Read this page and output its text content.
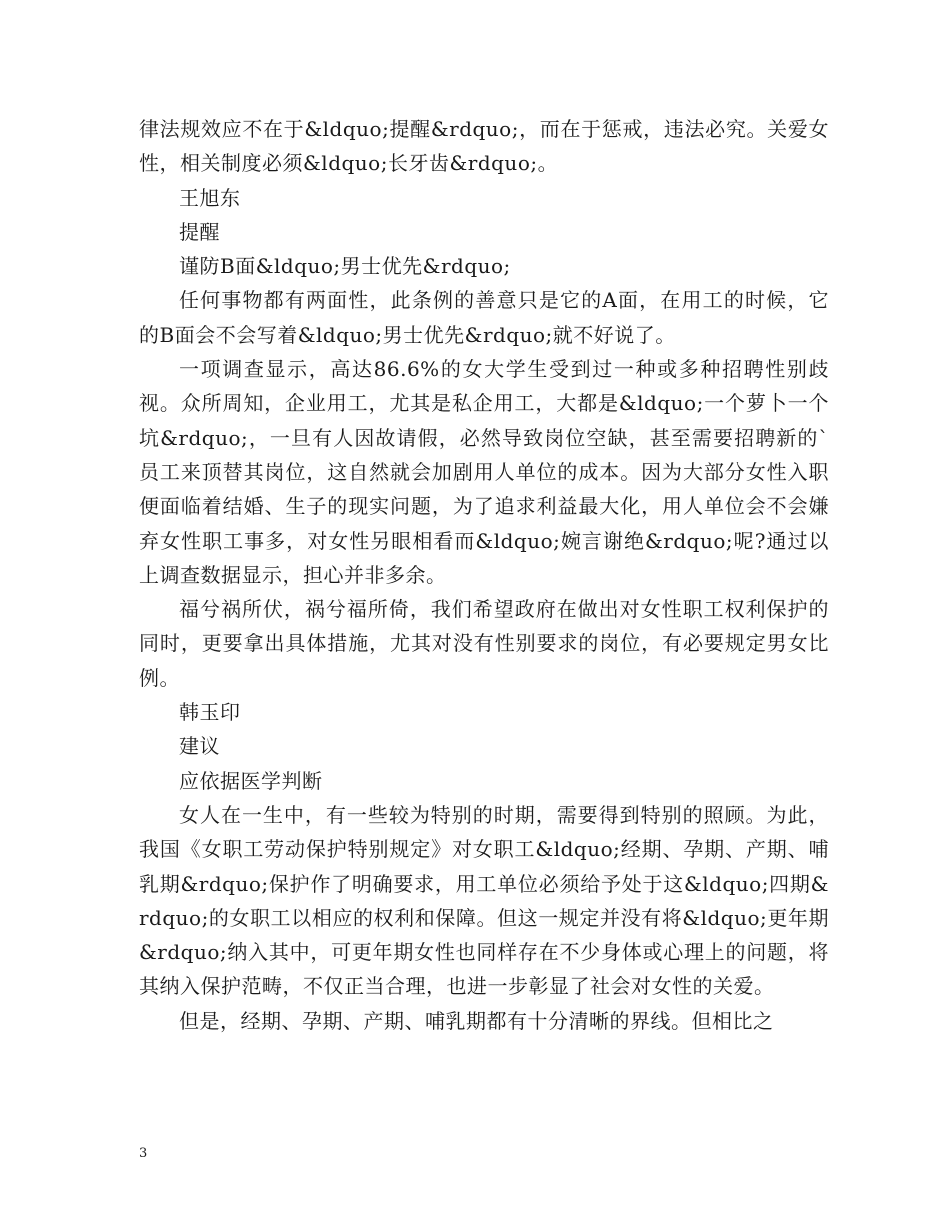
律法规效应不在于&ldquo;提醒&rdquo;，而在于惩戒，违法必究。关爱女性，相关制度必须&ldquo;长牙齿&rdquo;。

王旭东

提醒

谨防B面&ldquo;男士优先&rdquo;

任何事物都有两面性，此条例的善意只是它的A面，在用工的时候，它的B面会不会写着&ldquo;男士优先&rdquo;就不好说了。

一项调查显示，高达86.6%的女大学生受到过一种或多种招聘性别歧视。众所周知，企业用工，尤其是私企用工，大都是&ldquo;一个萝卜一个坑&rdquo;，一旦有人因故请假，必然导致岗位空缺，甚至需要招聘新的`员工来顶替其岗位，这自然就会加剧用人单位的成本。因为大部分女性入职便面临着结婚、生子的现实问题，为了追求利益最大化，用人单位会不会嫌弃女性职工事多，对女性另眼相看而&ldquo;婉言谢绝&rdquo;呢?通过以上调查数据显示，担心并非多余。

福兮祸所伏，祸兮福所倚，我们希望政府在做出对女性职工权利保护的同时，更要拿出具体措施，尤其对没有性别要求的岗位，有必要规定男女比例。

韩玉印

建议

应依据医学判断

女人在一生中，有一些较为特别的时期，需要得到特别的照顾。为此，我国《女职工劳动保护特别规定》对女职工&ldquo;经期、孕期、产期、哺乳期&rdquo;保护作了明确要求，用工单位必须给予处于这&ldquo;四期&rdquo;的女职工以相应的权利和保障。但这一规定并没有将&ldquo;更年期&rdquo;纳入其中，可更年期女性也同样存在不少身体或心理上的问题，将其纳入保护范畴，不仅正当合理，也进一步彰显了社会对女性的关爱。

但是，经期、孕期、产期、哺乳期都有十分清晰的界线。但相比之

3
